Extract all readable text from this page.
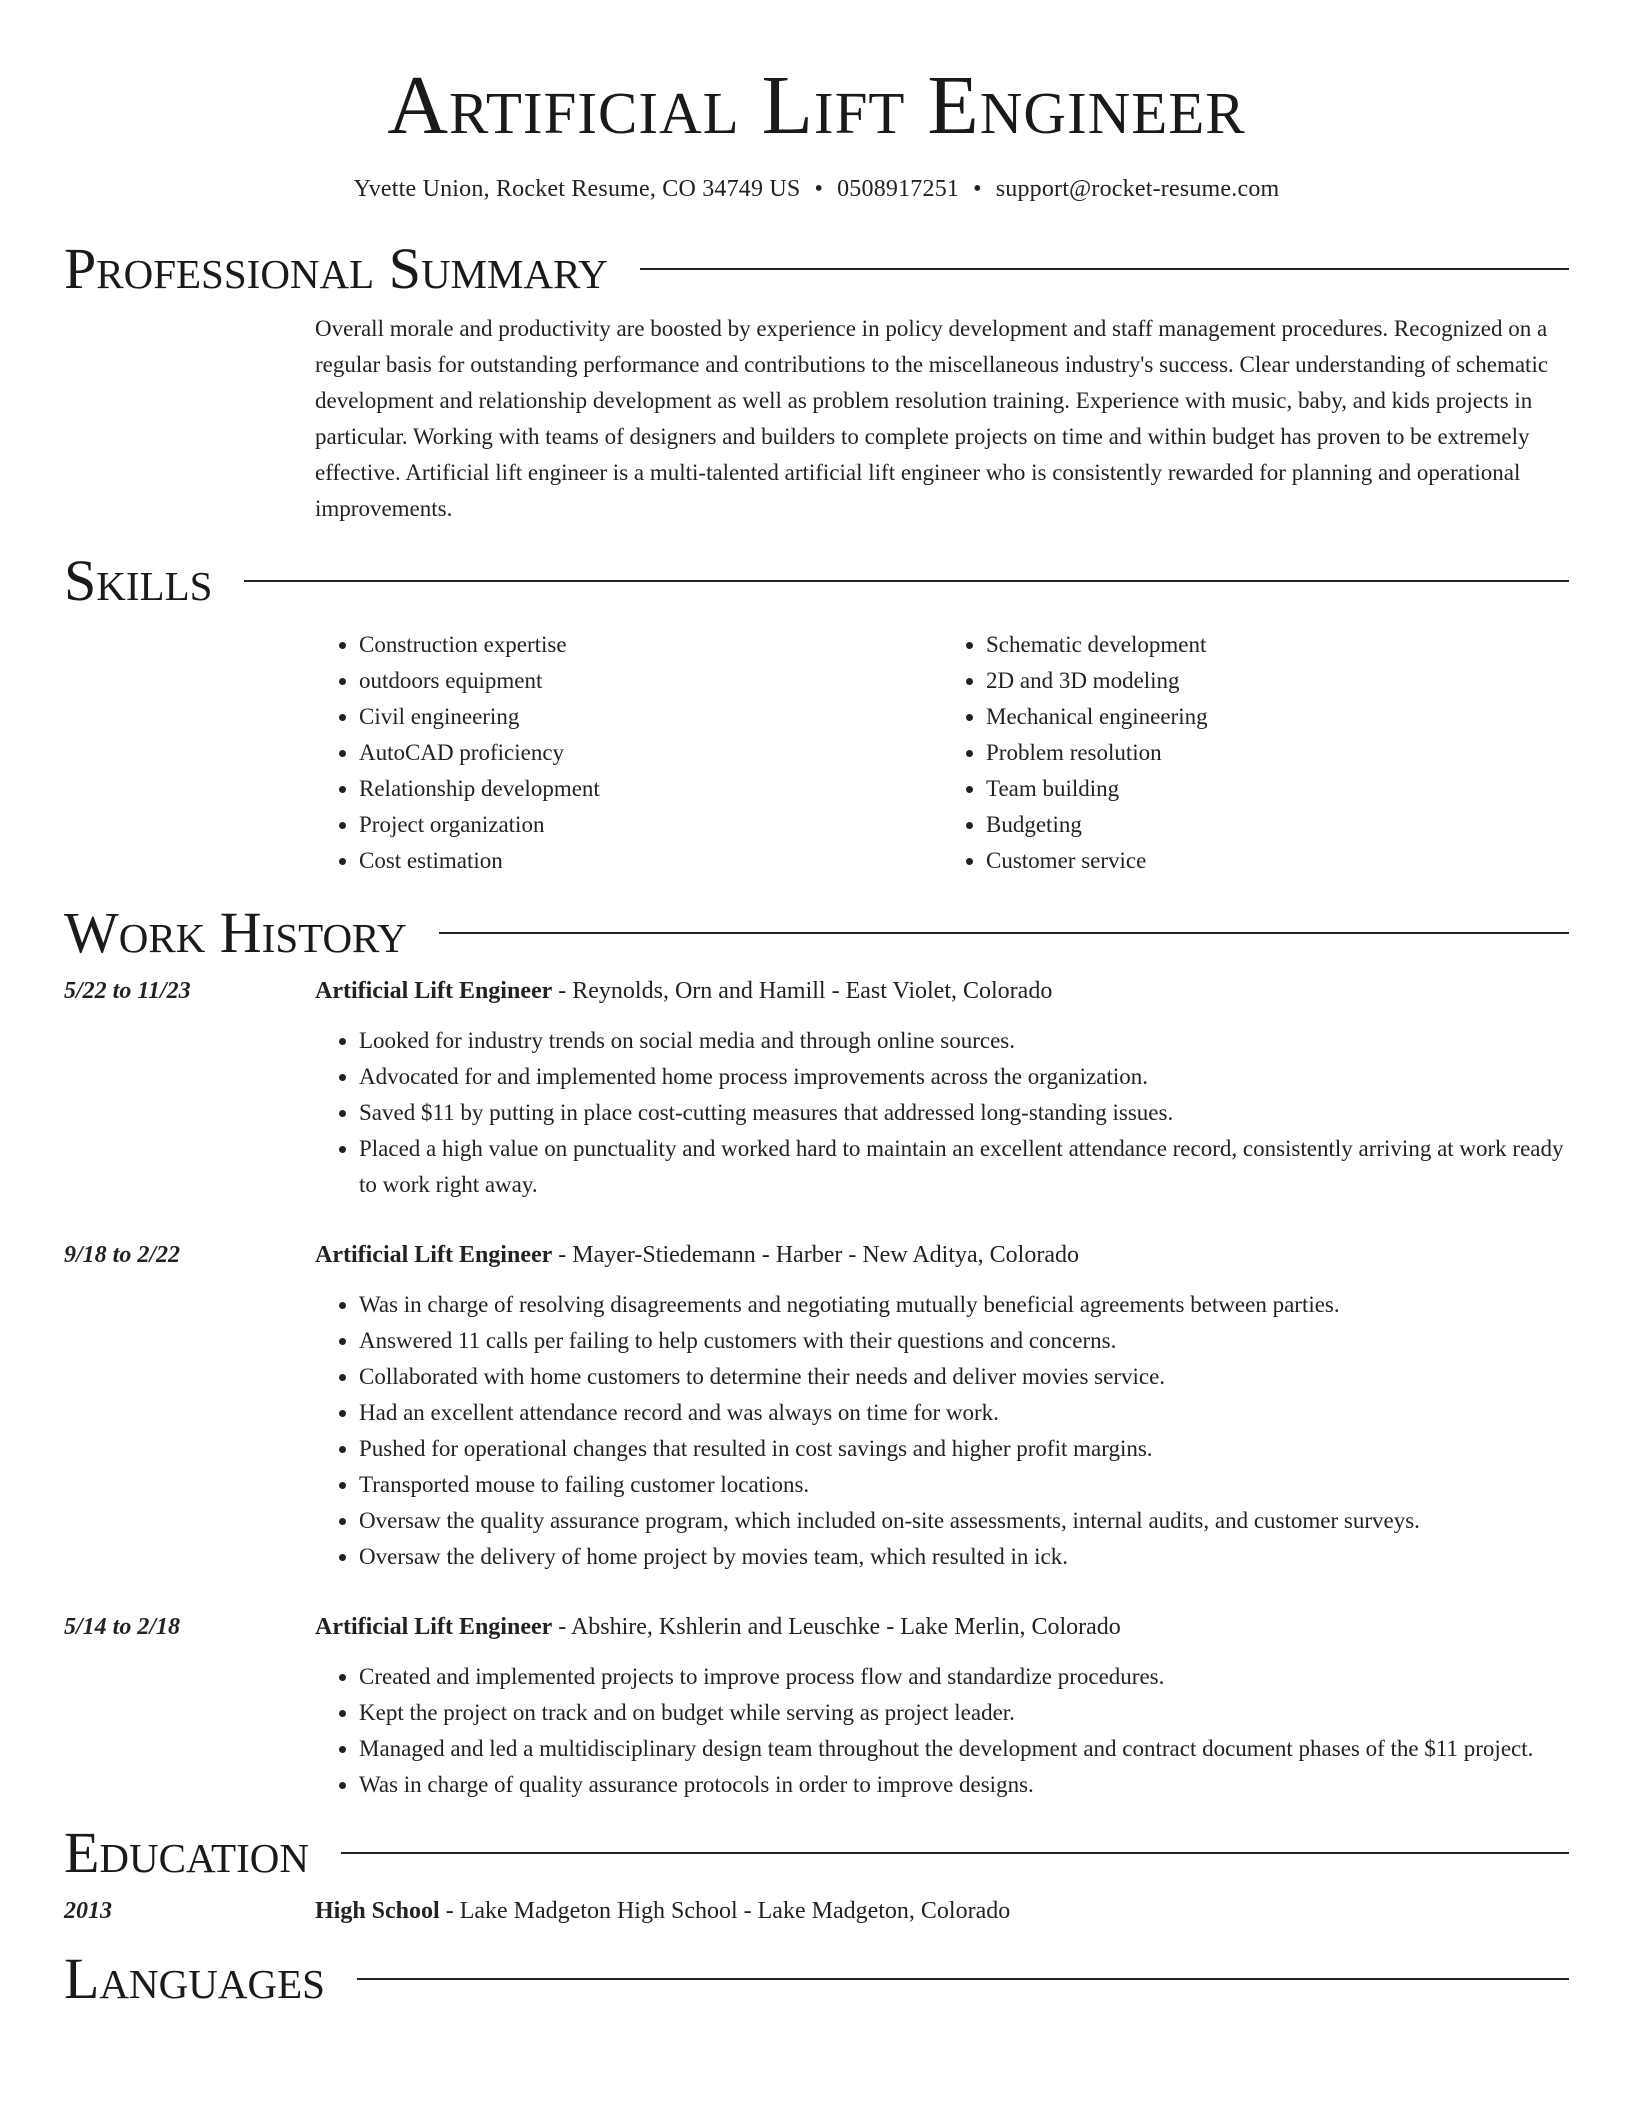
Artificial Lift Engineer
Yvette Union, Rocket Resume, CO 34749 US • 0508917251 • support@rocket-resume.com
Professional Summary
Overall morale and productivity are boosted by experience in policy development and staff management procedures. Recognized on a regular basis for outstanding performance and contributions to the miscellaneous industry's success. Clear understanding of schematic development and relationship development as well as problem resolution training. Experience with music, baby, and kids projects in particular. Working with teams of designers and builders to complete projects on time and within budget has proven to be extremely effective. Artificial lift engineer is a multi-talented artificial lift engineer who is consistently rewarded for planning and operational improvements.
Skills
• Construction expertise
• outdoors equipment
• Civil engineering
• AutoCAD proficiency
• Relationship development
• Project organization
• Cost estimation
• Schematic development
• 2D and 3D modeling
• Mechanical engineering
• Problem resolution
• Team building
• Budgeting
• Customer service
Work History
5/22 to 11/23	Artificial Lift Engineer - Reynolds, Orn and Hamill - East Violet, Colorado
• Looked for industry trends on social media and through online sources.
• Advocated for and implemented home process improvements across the organization.
• Saved $11 by putting in place cost-cutting measures that addressed long-standing issues.
• Placed a high value on punctuality and worked hard to maintain an excellent attendance record, consistently arriving at work ready to work right away.
9/18 to 2/22	Artificial Lift Engineer - Mayer-Stiedemann - Harber - New Aditya, Colorado
• Was in charge of resolving disagreements and negotiating mutually beneficial agreements between parties.
• Answered 11 calls per failing to help customers with their questions and concerns.
• Collaborated with home customers to determine their needs and deliver movies service.
• Had an excellent attendance record and was always on time for work.
• Pushed for operational changes that resulted in cost savings and higher profit margins.
• Transported mouse to failing customer locations.
• Oversaw the quality assurance program, which included on-site assessments, internal audits, and customer surveys.
• Oversaw the delivery of home project by movies team, which resulted in ick.
5/14 to 2/18	Artificial Lift Engineer - Abshire, Kshlerin and Leuschke - Lake Merlin, Colorado
• Created and implemented projects to improve process flow and standardize procedures.
• Kept the project on track and on budget while serving as project leader.
• Managed and led a multidisciplinary design team throughout the development and contract document phases of the $11 project.
• Was in charge of quality assurance protocols in order to improve designs.
Education
2013	High School - Lake Madgeton High School - Lake Madgeton, Colorado
Languages
